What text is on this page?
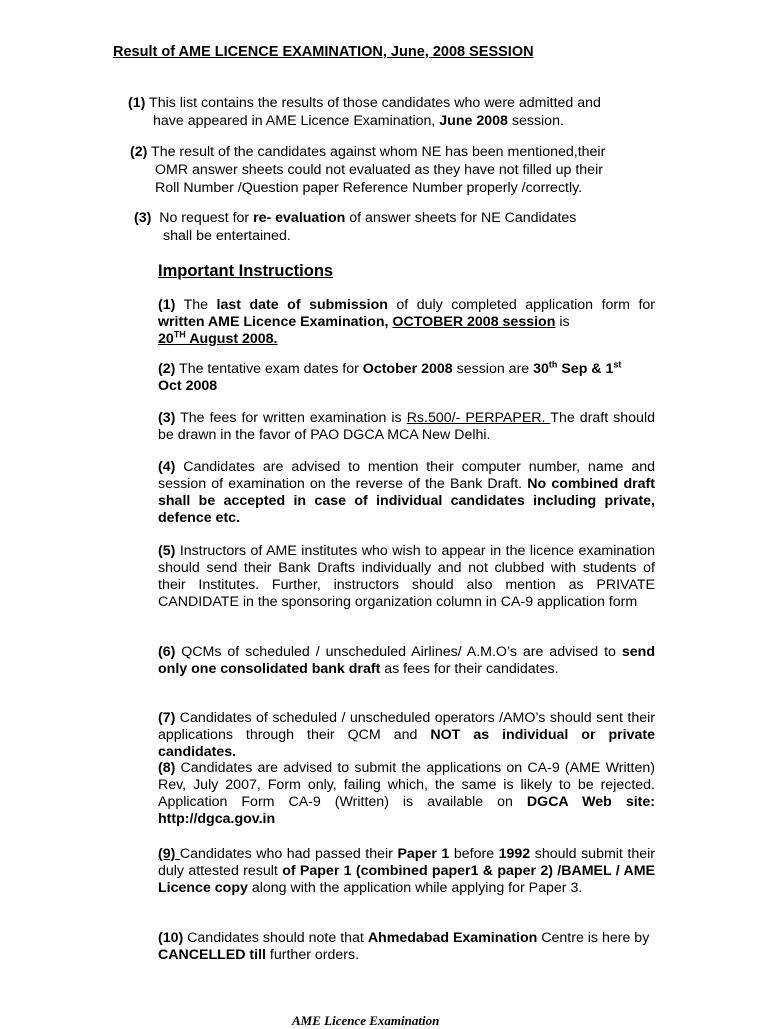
Result of AME LICENCE EXAMINATION, June, 2008 SESSION
(1) This list contains the results of those candidates who were admitted and
have appeared in AME Licence Examination, June 2008 session.
(2) The result of the candidates against whom NE has been mentioned,their
OMR answer sheets could not evaluated as they have not filled up their
Roll Number /Question paper Reference Number properly /correctly.
(3) No request for re- evaluation of answer sheets for NE Candidates
shall be entertained.
Important Instructions
(1) The last date of submission of duly completed application form for written AME Licence Examination, OCTOBER 2008 session is
20TH August 2008.
(2) The tentative exam dates for October 2008 session are 30th Sep & 1st
Oct 2008
(3) The fees for written examination is Rs.500/- PERPAPER. The draft should be drawn in the favor of PAO DGCA MCA New Delhi.
(4) Candidates are advised to mention their computer number, name and session of examination on the reverse of the Bank Draft. No combined draft shall be accepted in case of individual candidates including private, defence etc.
(5) Instructors of AME institutes who wish to appear in the licence examination should send their Bank Drafts individually and not clubbed with students of their Institutes. Further, instructors should also mention as PRIVATE CANDIDATE in the sponsoring organization column in CA-9 application form
(6) QCMs of scheduled / unscheduled Airlines/ A.M.O’s are advised to send only one consolidated bank draft as fees for their candidates.
(7) Candidates of scheduled / unscheduled operators /AMO’s should sent their applications through their QCM and NOT as individual or private candidates.
(8) Candidates are advised to submit the applications on CA-9 (AME Written) Rev, July 2007, Form only, failing which, the same is likely to be rejected. Application Form CA-9 (Written) is available on DGCA Web site: http://dgca.gov.in
(9) Candidates who had passed their Paper 1 before 1992 should submit their duly attested result of Paper 1 (combined paper1 & paper 2) /BAMEL / AME Licence copy along with the application while applying for Paper 3.
(10) Candidates should note that Ahmedabad Examination Centre is here by CANCELLED till further orders.
AME Licence Examination
